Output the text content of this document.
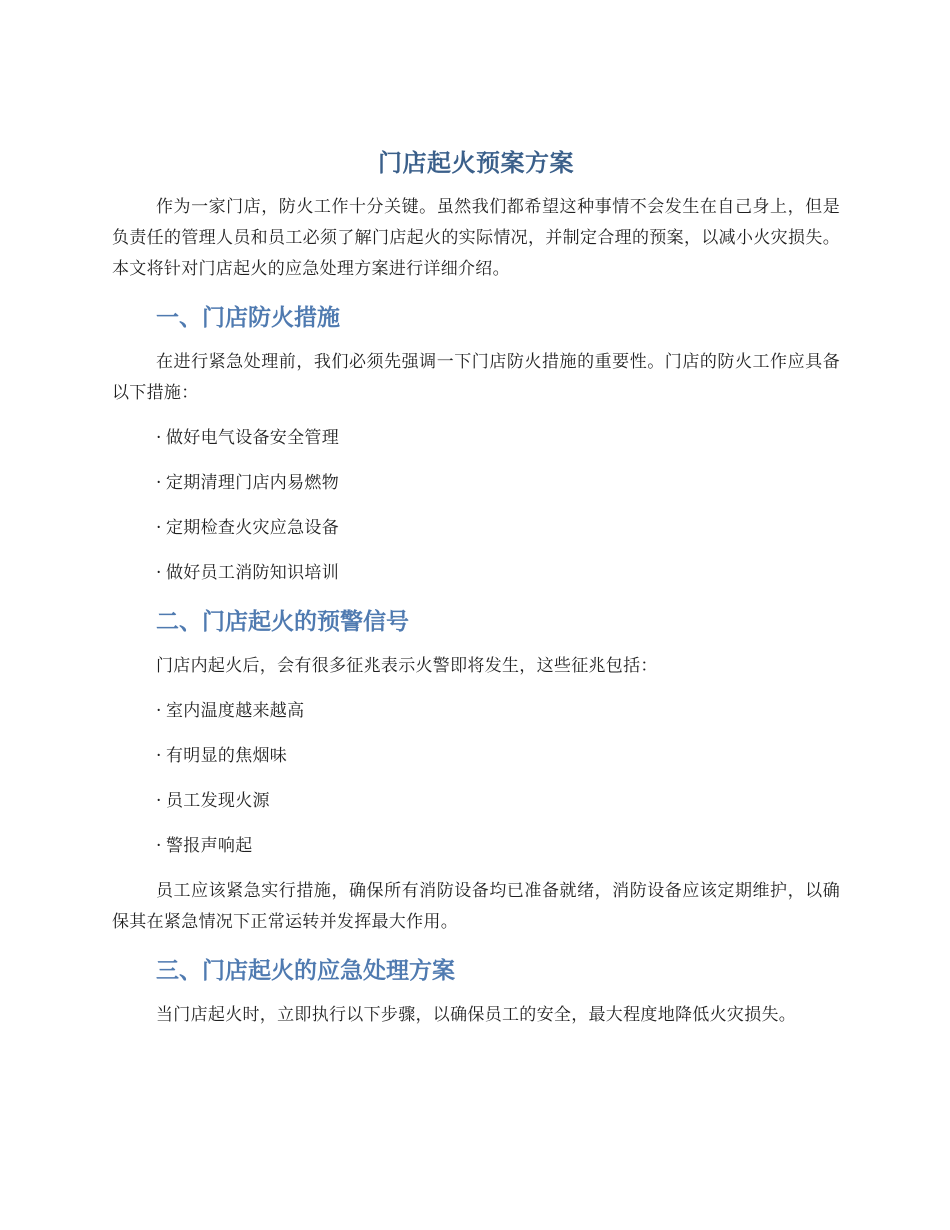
门店起火预案方案

作为一家门店，防火工作十分关键。虽然我们都希望这种事情不会发生在自己身上，但是负责任的管理人员和员工必须了解门店起火的实际情况，并制定合理的预案，以减小火灾损失。本文将针对门店起火的应急处理方案进行详细介绍。

一、门店防火措施

在进行紧急处理前，我们必须先强调一下门店防火措施的重要性。门店的防火工作应具备以下措施：

· 做好电气设备安全管理
· 定期清理门店内易燃物
· 定期检查火灾应急设备
· 做好员工消防知识培训
二、门店起火的预警信号

门店内起火后，会有很多征兆表示火警即将发生，这些征兆包括：

· 室内温度越来越高
· 有明显的焦烟味
· 员工发现火源
· 警报声响起

员工应该紧急实行措施，确保所有消防设备均已准备就绪，消防设备应该定期维护，以确保其在紧急情况下正常运转并发挥最大作用。

三、门店起火的应急处理方案

当门店起火时，立即执行以下步骤，以确保员工的安全，最大程度地降低火灾损失。
